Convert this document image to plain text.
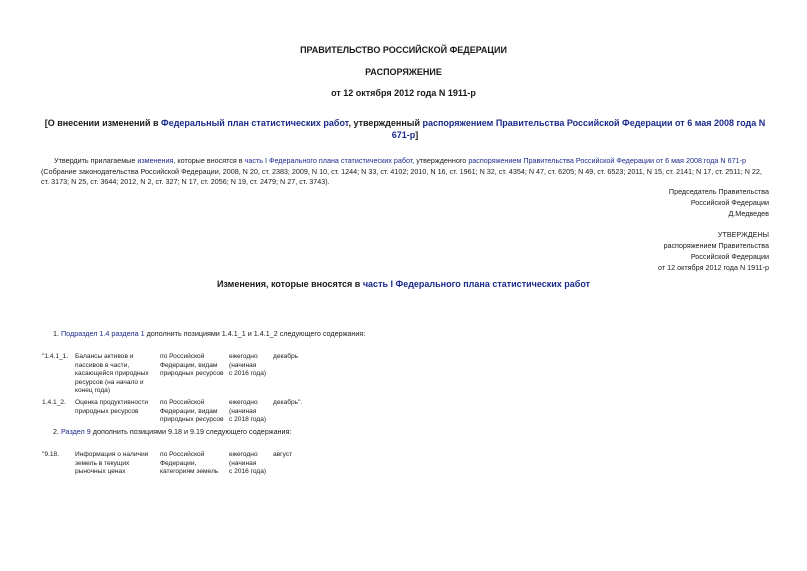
ПРАВИТЕЛЬСТВО РОССИЙСКОЙ ФЕДЕРАЦИИ
РАСПОРЯЖЕНИЕ
от 12 октября 2012 года N 1911-р
[О внесении изменений в Федеральный план статистических работ, утвержденный распоряжением Правительства Российской Федерации от 6 мая 2008 года N
671-р]
Утвердить прилагаемые изменения, которые вносятся в часть I Федерального плана статистических работ, утвержденного распоряжением Правительства Российской Федерации от 6 мая 2008 года N 671-р
(Собрание законодательства Российской Федерации, 2008, N 20, ст. 2383; 2009, N 10, ст. 1244; N 33, ст. 4102; 2010, N 16, ст. 1961; N 32, ст. 4354; N 47, ст. 6205; N 49, ст. 6523; 2011, N 15, ст. 2141; N 17, ст. 2511; N 22,
ст. 3173; N 25, ст. 3644; 2012, N 2, ст. 327; N 17, ст. 2056; N 19, ст. 2479; N 27, ст. 3743).
Председатель Правительства
Российской Федерации
Д.Медведев
УТВЕРЖДЕНЫ
распоряжением Правительства
Российской Федерации
от 12 октября 2012 года N 1911-р
Изменения, которые вносятся в часть I Федерального плана статистических работ
1. Подраздел 1.4 раздела 1 дополнить позициями 1.4.1_1 и 1.4.1_2 следующего содержания:
"1.4.1_1. Балансы активов и
пассивов в части,
касающейся природных
ресурсов (на начало и
конец года)
по Российской
Федерации, видам
природных ресурсов
ежегодно
(начиная
с 2016 года)
декабрь
1.4.1_2. Оценка продуктивности
природных ресурсов
по Российской
Федерации, видам
природных ресурсов
ежегодно
(начиная
с 2018 года)
декабрь".
2. Раздел 9 дополнить позициями 9.18 и 9.19 следующего содержания:
"9.18. Информация о наличии
земель в текущих
рыночных ценах
по Российской
Федерации,
категориям земель
ежегодно
(начиная
с 2016 года)
август
